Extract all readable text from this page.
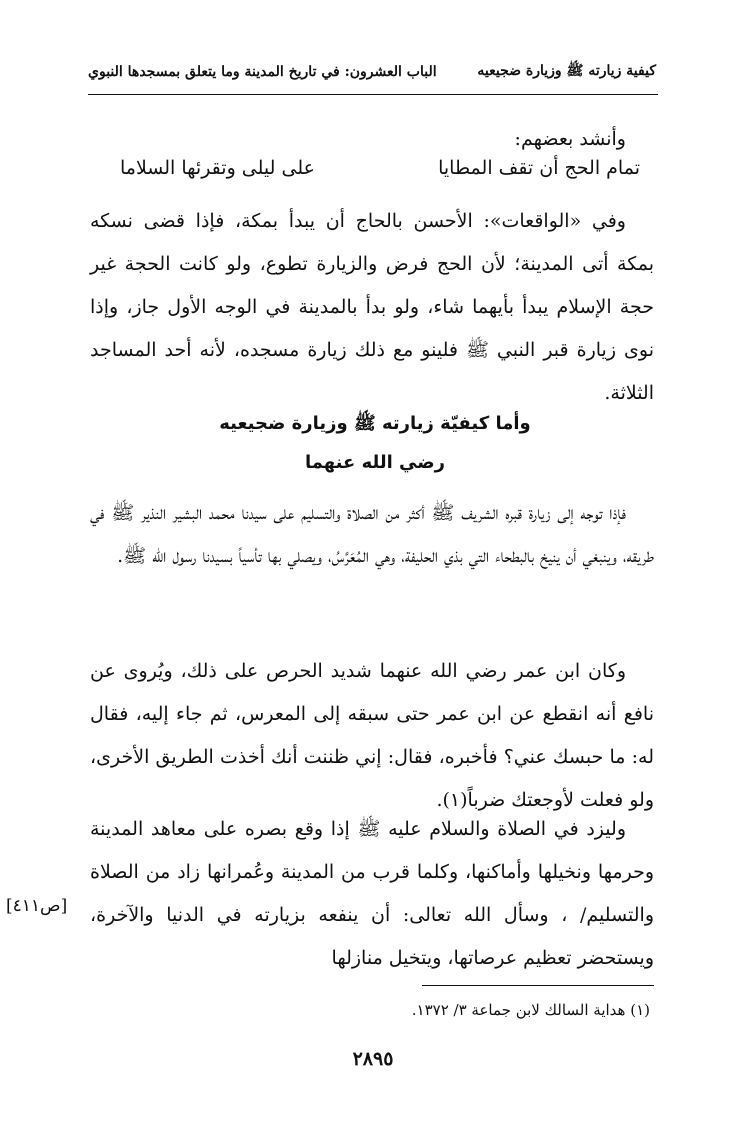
كيفية زيارته ﷺ وزيارة ضجيعيه
الباب العشرون: في تاريخ المدينة وما يتعلق بمسجدها النبوي

وأنشد بعضهم:

تمام الحج أن تقف المطايا
على ليلى وتقرئها السلاما

وفي «الواقعات»: الأحسن بالحاج أن يبدأ بمكة، فإذا قضى نسكه بمكة أتى المدينة؛ لأن الحج فرض والزيارة تطوع، ولو كانت الحجة غير حجة الإسلام يبدأ بأيهما شاء، ولو بدأ بالمدينة في الوجه الأول جاز، وإذا نوى زيارة قبر النبي ﷺ فلينو مع ذلك زيارة مسجده، لأنه أحد المساجد الثلاثة.

وأما كيفيّة زيارته ﷺ وزيارة ضجيعيه
رضي الله عنهما

فإذا توجه إلى زيارة قبره الشريف ﷺ أكثر من الصلاة والتسليم على سيدنا محمد البشير النذير ﷺ في طريقه، وينبغي أن ينيخ بالبطحاء التي بذي الحليفة، وهي المُعَرَّسُ، ويصلي بها تأسياً بسيدنا رسول الله ﷺ.

وكان ابن عمر رضي الله عنهما شديد الحرص على ذلك، ويُروى عن نافع أنه انقطع عن ابن عمر حتى سبقه إلى المعرس، ثم جاء إليه، فقال له: ما حبسك عني؟ فأخبره، فقال: إني ظننت أنك أخذت الطريق الأخرى، ولو فعلت لأوجعتك ضرباً(١).

وليزد في الصلاة والسلام عليه ﷺ إذا وقع بصره على معاهد المدينة وحرمها ونخيلها وأماكنها، وكلما قرب من المدينة وعُمرانها زاد من الصلاة والتسليم/ ، وسأل الله تعالى: أن ينفعه بزيارته في الدنيا والآخرة، ويستحضر تعظيم عرصاتها، ويتخيل منازلها

[ص٤١١]
(١) هداية السالك لابن جماعة ٣/ ١٣٧٢.
٢٨٩٥
